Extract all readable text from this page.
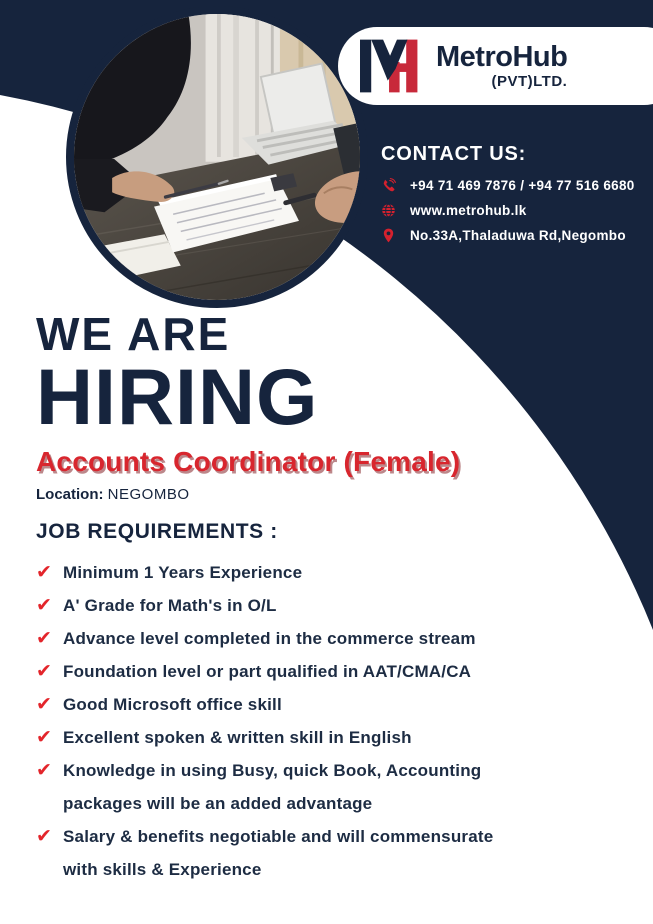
MetroHub
(PVT)LTD.
CONTACT US:
+94 71 469 7876 / +94 77 516 6680
www.metrohub.lk
No.33A,Thaladuwa Rd,Negombo
WE ARE
HIRING
Accounts Coordinator (Female)
Location: NEGOMBO
JOB REQUIREMENTS :
✔ Minimum 1 Years Experience
✔ A' Grade for Math's in O/L
✔ Advance level completed in the commerce stream
✔ Foundation level or part qualified in AAT/CMA/CA
✔ Good Microsoft office skill
✔ Excellent spoken & written skill in English
✔ Knowledge in using Busy, quick Book, Accounting packages will be an added advantage
✔ Salary & benefits negotiable and will commensurate with skills & Experience
